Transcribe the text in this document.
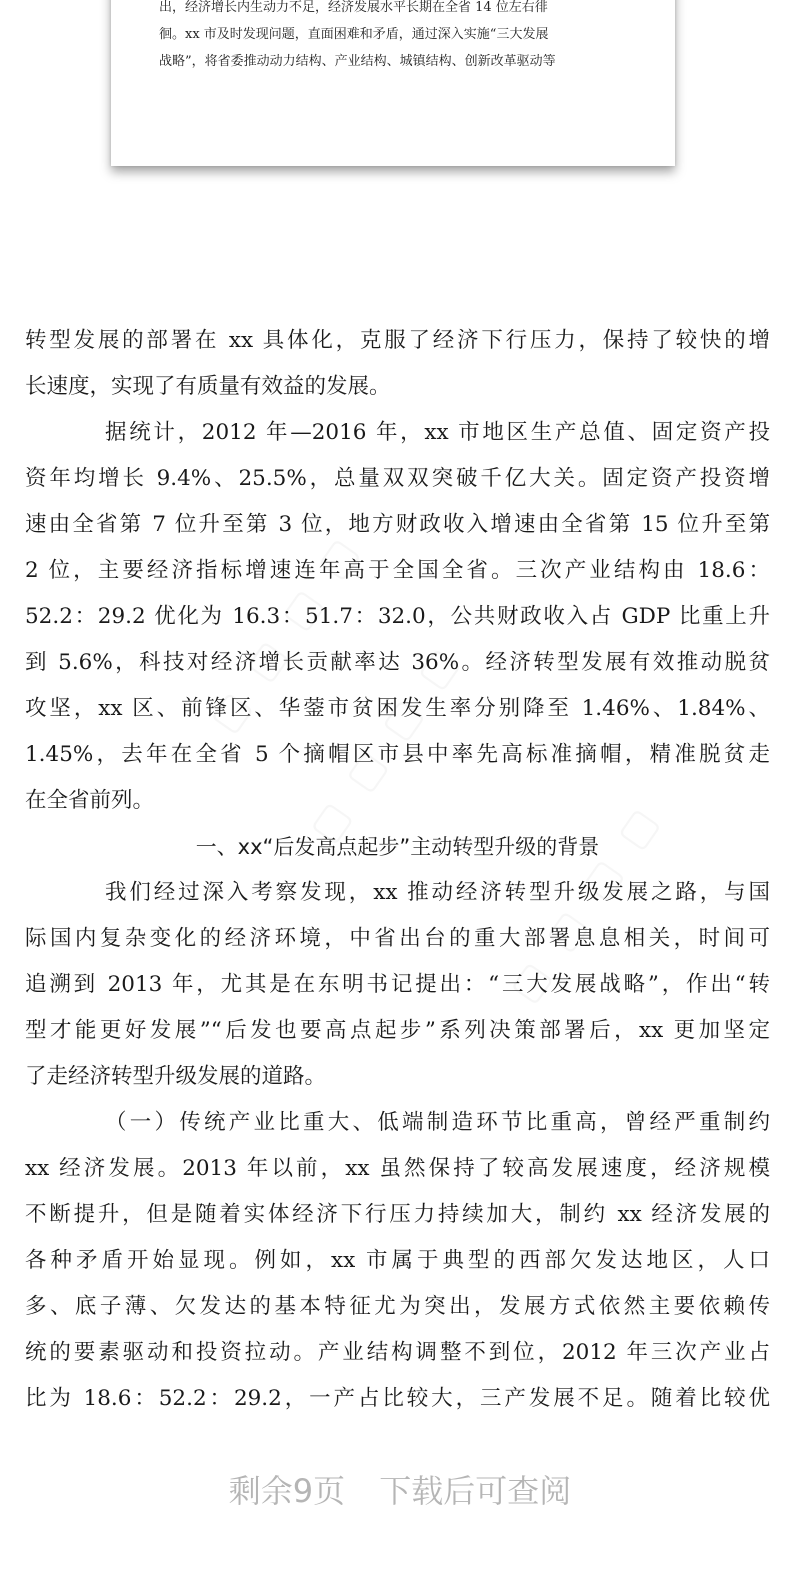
出，经济增长内生动力不足，经济发展水平长期在全省 14 位左右徘
徊。xx 市及时发现问题，直面困难和矛盾，通过深入实施“三大发展
战略”，将省委推动动力结构、产业结构、城镇结构、创新改革驱动等
转型发展的部署在 xx 具体化，克服了经济下行压力，保持了较快的增
长速度，实现了有质量有效益的发展。
据统计，2012 年—2016 年，xx 市地区生产总值、固定资产投
资年均增长 9.4%、25.5%，总量双双突破千亿大关。固定资产投资增
速由全省第 7 位升至第 3 位，地方财政收入增速由全省第 15 位升至第
2 位，主要经济指标增速连年高于全国全省。三次产业结构由 18.6：
52.2：29.2 优化为 16.3：51.7：32.0，公共财政收入占 GDP 比重上升
到 5.6%，科技对经济增长贡献率达 36%。经济转型发展有效推动脱贫
攻坚，xx 区、前锋区、华蓥市贫困发生率分别降至 1.46%、1.84%、
1.45%，去年在全省 5 个摘帽区市县中率先高标准摘帽，精准脱贫走
在全省前列。
一、xx“后发高点起步”主动转型升级的背景
我们经过深入考察发现，xx 推动经济转型升级发展之路，与国
际国内复杂变化的经济环境，中省出台的重大部署息息相关，时间可
追溯到 2013 年，尤其是在东明书记提出：“三大发展战略”，作出“转
型才能更好发展”“后发也要高点起步”系列决策部署后，xx 更加坚定
了走经济转型升级发展的道路。
（一）传统产业比重大、低端制造环节比重高，曾经严重制约
xx 经济发展。2013 年以前，xx 虽然保持了较高发展速度，经济规模
不断提升，但是随着实体经济下行压力持续加大，制约 xx 经济发展的
各种矛盾开始显现。例如，xx 市属于典型的西部欠发达地区，人口
多、底子薄、欠发达的基本特征尤为突出，发展方式依然主要依赖传
统的要素驱动和投资拉动。产业结构调整不到位，2012 年三次产业占
比为 18.6：52.2：29.2，一产占比较大，三产发展不足。随着比较优
剩余9页 下载后可查阅
